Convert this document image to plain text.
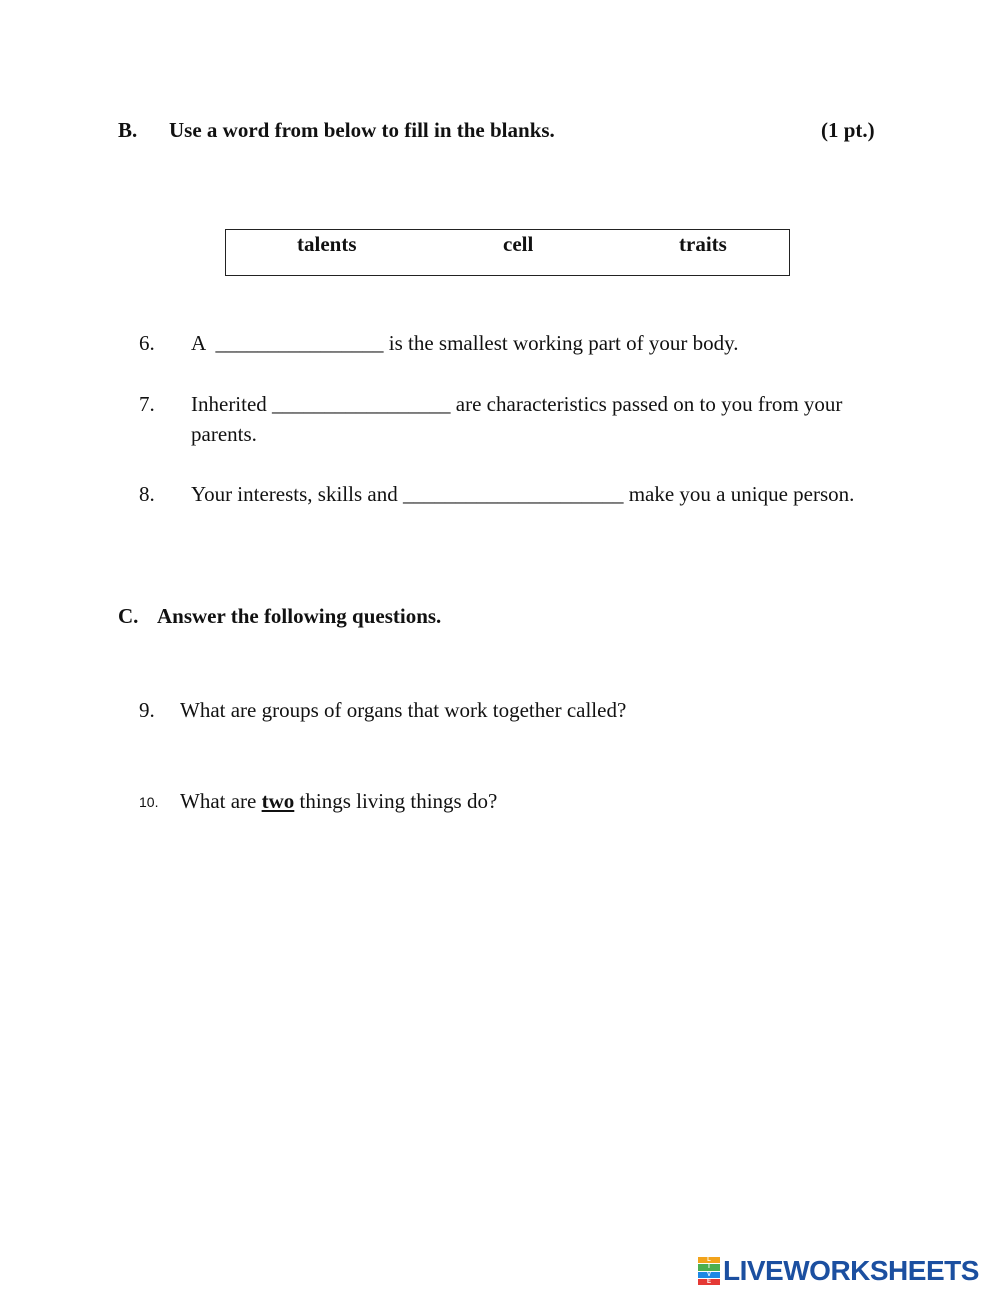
B. Use a word from below to fill in the blanks.	(1 pt.)
talents	cell	traits
6. A  ________________ is the smallest working part of your body.
7. Inherited _________________ are characteristics passed on to you from your parents.
8. Your interests, skills and _____________________ make you a unique person.
C. Answer the following questions.
9. What are groups of organs that work together called?
10. What are two things living things do?
L
I
V
E LIVEWORKSHEETS
